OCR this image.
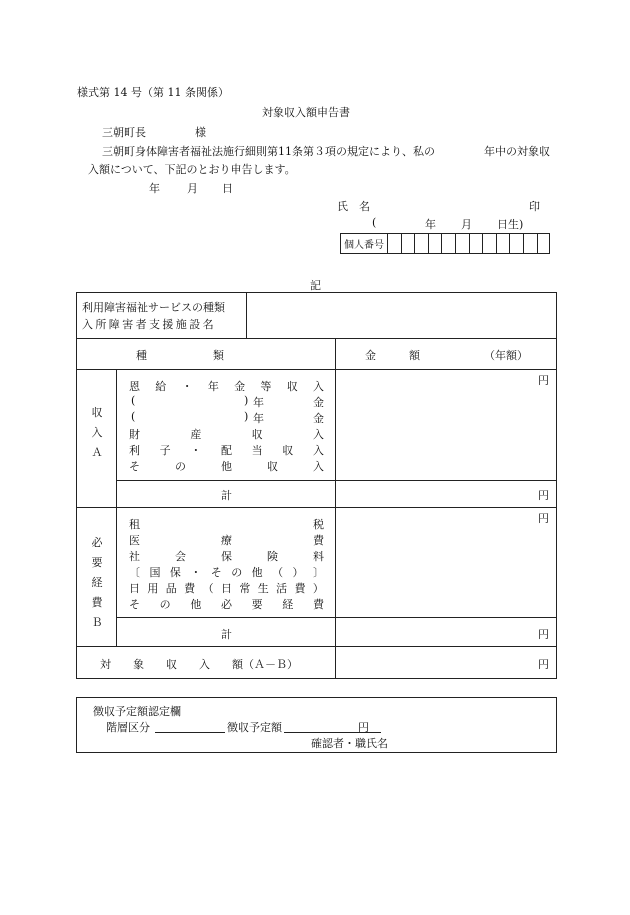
様式第 14 号（第 11 条関係）
対象収入額申告書
三朝町長	様
三朝町身体障害者福祉法施行細則第11条第３項の規定により、私の	年中の対象収
入額について、下記のとおり申告します。
年 月 日
氏　名	印
(	年 月 日生)
個人番号
記
利用障害福祉サービスの種類
入所障害者支援施設名
種　　　　　　類	金　　　額	（年額）
収
入
Ａ
恩 給 ・ 年 金 等 収 入
(	) 年	金
(	) 年	金
財	産	収	入
利 子 ・ 配 当 収 入
そ	の	他	収	入
円
計	円
必
要
経
費
Ｂ
租	税
医	療	費
社	会	保	険	料
〔 国 保 ・ そ の 他 （ ） 〕
日 用 品 費 （ 日 常 生 活 費 ）
そ の 他 必 要 経 費
円
計	円
対　　象　　収　　入　　額（Ａ－Ｂ）	円
徴収予定額認定欄
階層区分	徴収予定額	円
確認者・職氏名
